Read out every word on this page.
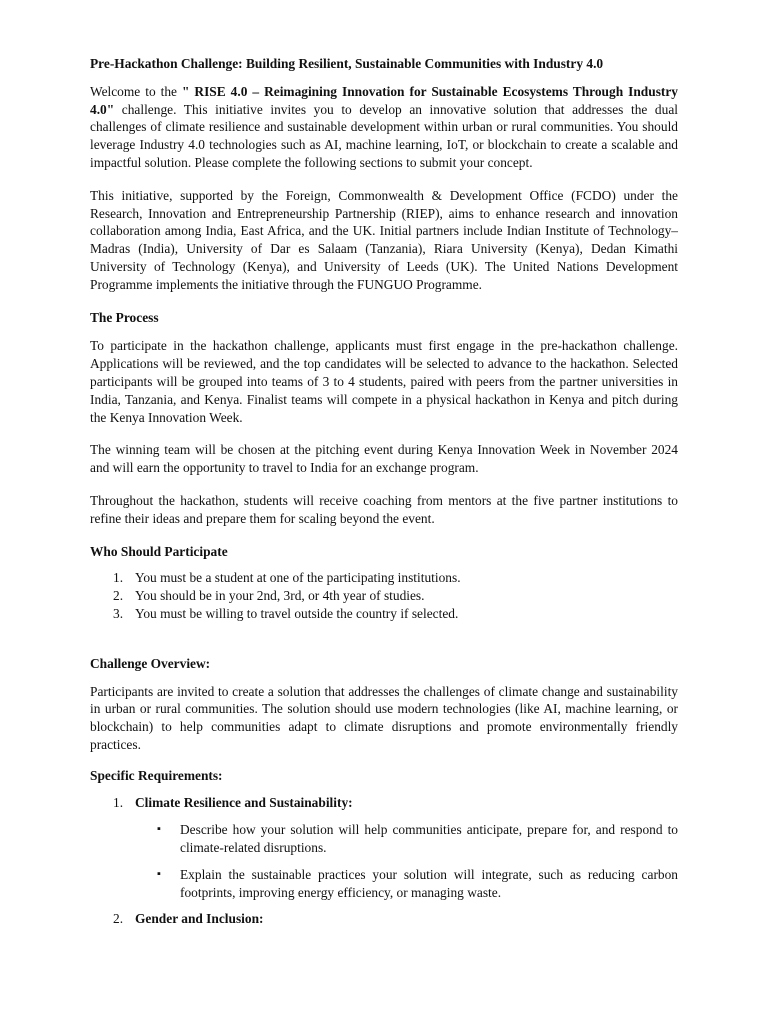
Pre-Hackathon Challenge: Building Resilient, Sustainable Communities with Industry 4.0

Welcome to the " RISE 4.0 – Reimagining Innovation for Sustainable Ecosystems Through Industry 4.0" challenge. This initiative invites you to develop an innovative solution that addresses the dual challenges of climate resilience and sustainable development within urban or rural communities. You should leverage Industry 4.0 technologies such as AI, machine learning, IoT, or blockchain to create a scalable and impactful solution. Please complete the following sections to submit your concept.

This initiative, supported by the Foreign, Commonwealth & Development Office (FCDO) under the Research, Innovation and Entrepreneurship Partnership (RIEP), aims to enhance research and innovation collaboration among India, East Africa, and the UK. Initial partners include Indian Institute of Technology–Madras (India), University of Dar es Salaam (Tanzania), Riara University (Kenya), Dedan Kimathi University of Technology (Kenya), and University of Leeds (UK). The United Nations Development Programme implements the initiative through the FUNGUO Programme.

The Process

To participate in the hackathon challenge, applicants must first engage in the pre-hackathon challenge. Applications will be reviewed, and the top candidates will be selected to advance to the hackathon. Selected participants will be grouped into teams of 3 to 4 students, paired with peers from the partner universities in India, Tanzania, and Kenya. Finalist teams will compete in a physical hackathon in Kenya and pitch during the Kenya Innovation Week.

The winning team will be chosen at the pitching event during Kenya Innovation Week in November 2024 and will earn the opportunity to travel to India for an exchange program.

Throughout the hackathon, students will receive coaching from mentors at the five partner institutions to refine their ideas and prepare them for scaling beyond the event.

Who Should Participate
1. You must be a student at one of the participating institutions.
2. You should be in your 2nd, 3rd, or 4th year of studies.
3. You must be willing to travel outside the country if selected.
Challenge Overview:

Participants are invited to create a solution that addresses the challenges of climate change and sustainability in urban or rural communities. The solution should use modern technologies (like AI, machine learning, or blockchain) to help communities adapt to climate disruptions and promote environmentally friendly practices.

Specific Requirements:
1. Climate Resilience and Sustainability:
▪ Describe how your solution will help communities anticipate, prepare for, and respond to climate-related disruptions.
▪ Explain the sustainable practices your solution will integrate, such as reducing carbon footprints, improving energy efficiency, or managing waste.
2. Gender and Inclusion:
